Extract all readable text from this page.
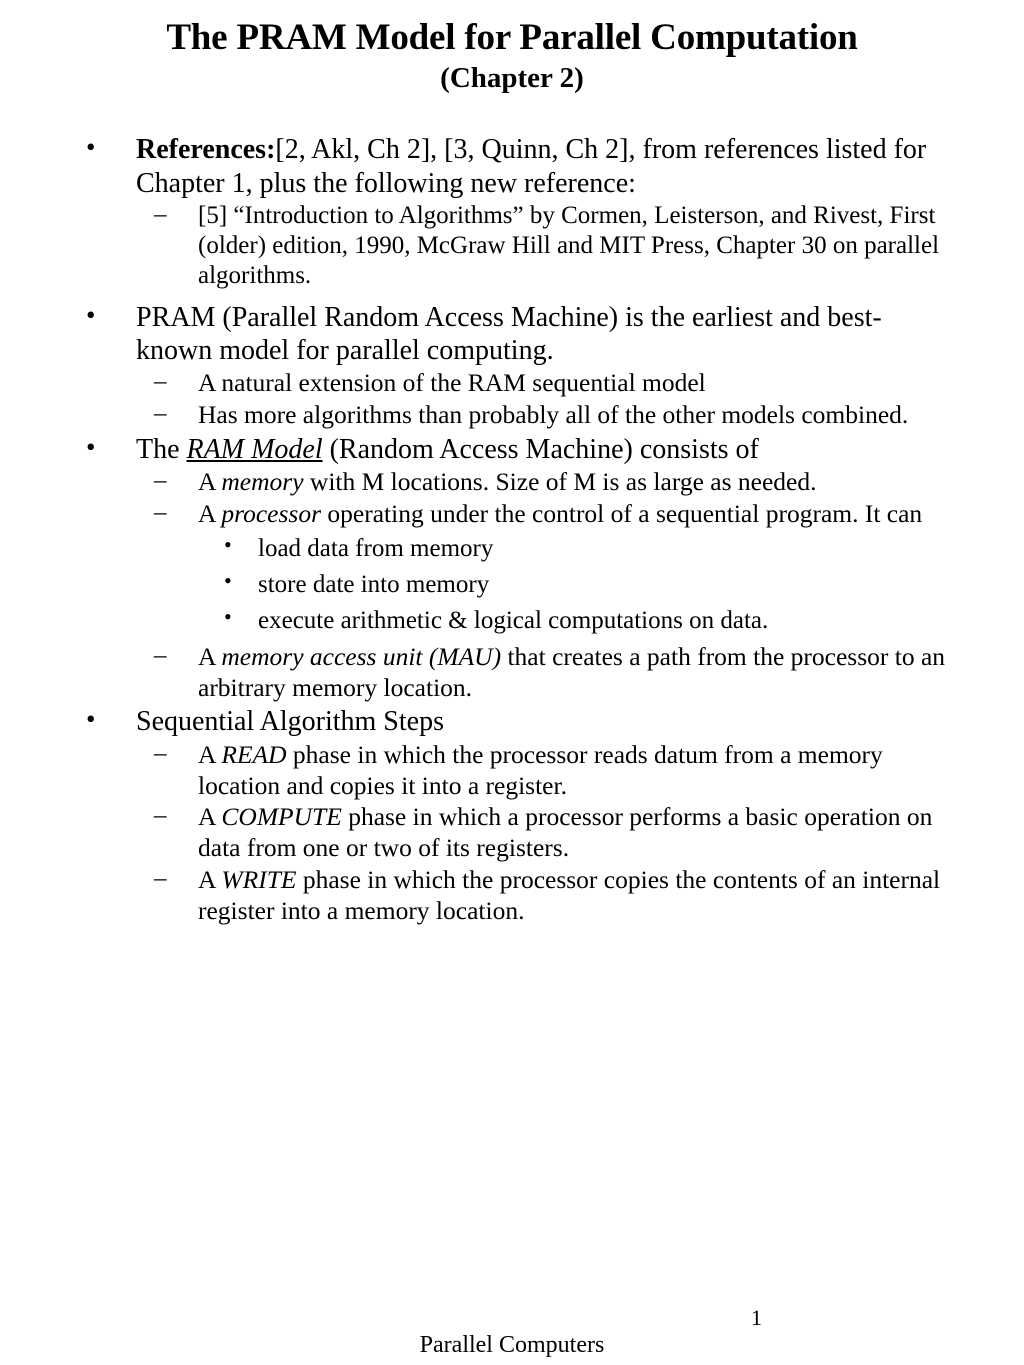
The PRAM Model for Parallel Computation
(Chapter 2)
• References:[2, Akl, Ch 2], [3, Quinn, Ch 2], from references listed for Chapter 1, plus the following new reference:
– [5] “Introduction to Algorithms” by Cormen, Leisterson, and Rivest, First (older) edition, 1990, McGraw Hill and MIT Press, Chapter 30 on parallel algorithms.
• PRAM (Parallel Random Access Machine) is the earliest and best-known model for parallel computing.
– A natural extension of the RAM sequential model
– Has more algorithms than probably all of the other models combined.
• The RAM Model (Random Access Machine) consists of
– A memory with M locations. Size of M is as large as needed.
– A processor operating under the control of a sequential program. It can
• load data from memory
• store date into memory
• execute arithmetic & logical computations on data.
– A memory access unit (MAU) that creates a path from the processor to an arbitrary memory location.
• Sequential Algorithm Steps
– A READ phase in which the processor reads datum from a memory location and copies it into a register.
– A COMPUTE phase in which a processor performs a basic operation on data from one or two of its registers.
– A WRITE phase in which the processor copies the contents of an internal register into a memory location.
1
Parallel Computers
